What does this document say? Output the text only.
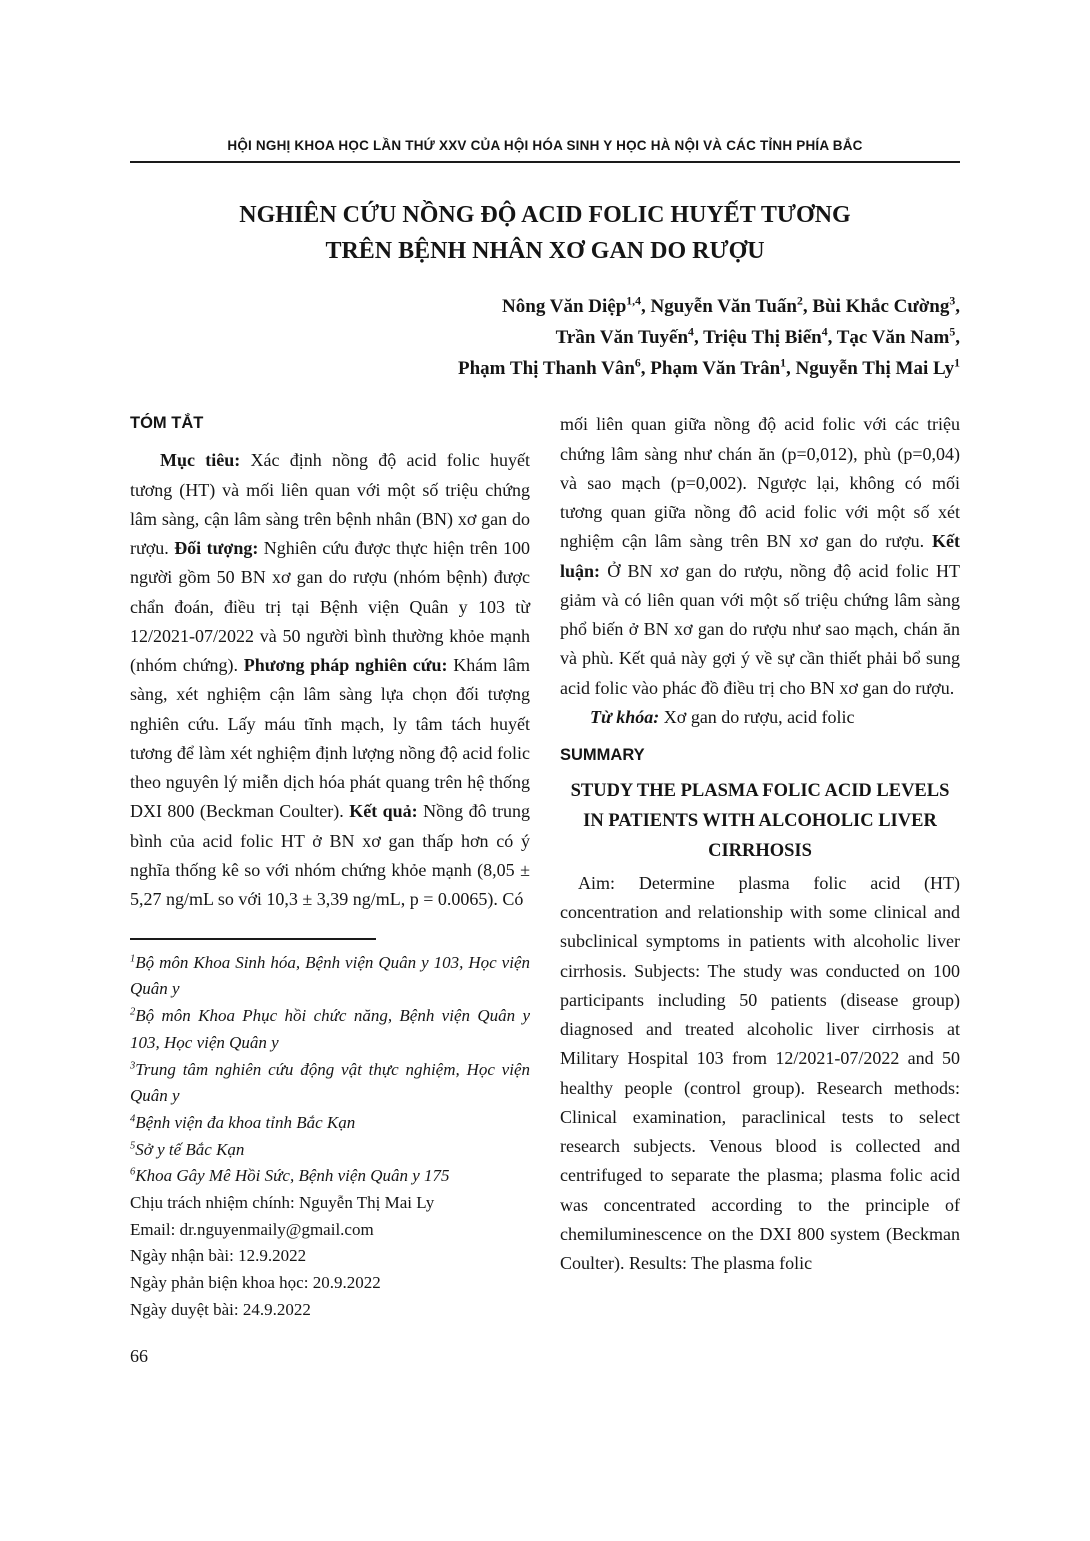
HỘI NGHỊ KHOA HỌC LẦN THỨ XXV CỦA HỘI HÓA SINH Y HỌC HÀ NỘI VÀ CÁC TỈNH PHÍA BẮC
NGHIÊN CỨU NỒNG ĐỘ ACID FOLIC HUYẾT TƯƠNG
TRÊN BỆNH NHÂN XƠ GAN DO RƯỢU
Nông Văn Diệp$^{1,4}$, Nguyễn Văn Tuấn$^2$, Bùi Khắc Cường$^3$,
Trần Văn Tuyến$^4$, Triệu Thị Biển$^4$, Tạc Văn Nam$^5$,
Phạm Thị Thanh Vân$^6$, Phạm Văn Trân$^1$, Nguyễn Thị Mai Ly$^1$
TÓM TẮT

Mục tiêu: Xác định nồng độ acid folic huyết tương (HT) và mối liên quan với một số triệu chứng lâm sàng, cận lâm sàng trên bệnh nhân (BN) xơ gan do rượu. Đối tượng: Nghiên cứu được thực hiện trên 100 người gồm 50 BN xơ gan do rượu (nhóm bệnh) được chẩn đoán, điều trị tại Bệnh viện Quân y 103 từ 12/2021-07/2022 và 50 người bình thường khỏe mạnh (nhóm chứng). Phương pháp nghiên cứu: Khám lâm sàng, xét nghiệm cận lâm sàng lựa chọn đối tượng nghiên cứu. Lấy máu tĩnh mạch, ly tâm tách huyết tương để làm xét nghiệm định lượng nồng độ acid folic theo nguyên lý miễn dịch hóa phát quang trên hệ thống DXI 800 (Beckman Coulter). Kết quả: Nồng đô trung bình của acid folic HT ở BN xơ gan thấp hơn có ý nghĩa thống kê so với nhóm chứng khỏe mạnh (8,05 ± 5,27 ng/mL so với 10,3 ± 3,39 ng/mL, p = 0.0065). Có

$^1$Bộ môn Khoa Sinh hóa, Bệnh viện Quân y 103, Học viện Quân y
$^2$Bộ môn Khoa Phục hồi chức năng, Bệnh viện Quân y 103, Học viện Quân y
$^3$Trung tâm nghiên cứu động vật thực nghiệm, Học viện Quân y
$^4$Bệnh viện đa khoa tỉnh Bắc Kạn
$^5$Sở y tế Bắc Kạn
$^6$Khoa Gây Mê Hồi Sức, Bệnh viện Quân y 175
Chịu trách nhiệm chính: Nguyễn Thị Mai Ly
Email: dr.nguyenmaily@gmail.com
Ngày nhận bài: 12.9.2022
Ngày phản biện khoa học: 20.9.2022
Ngày duyệt bài: 24.9.2022

mối liên quan giữa nồng độ acid folic với các triệu chứng lâm sàng như chán ăn (p=0,012), phù (p=0,04) và sao mạch (p=0,002). Ngược lại, không có mối tương quan giữa nồng đô acid folic với một số xét nghiệm cận lâm sàng trên BN xơ gan do rượu. Kết luận: Ở BN xơ gan do rượu, nồng độ acid folic HT giảm và có liên quan với một số triệu chứng lâm sàng phổ biến ở BN xơ gan do rượu như sao mạch, chán ăn và phù. Kết quả này gợi ý về sự cần thiết phải bổ sung acid folic vào phác đồ điều trị cho BN xơ gan do rượu.

Từ khóa: Xơ gan do rượu, acid folic

SUMMARY
STUDY THE PLASMA FOLIC ACID LEVELS IN PATIENTS WITH ALCOHOLIC LIVER CIRRHOSIS

Aim: Determine plasma folic acid (HT) concentration and relationship with some clinical and subclinical symptoms in patients with alcoholic liver cirrhosis. Subjects: The study was conducted on 100 participants including 50 patients (disease group) diagnosed and treated alcoholic liver cirrhosis at Military Hospital 103 from 12/2021-07/2022 and 50 healthy people (control group). Research methods: Clinical examination, paraclinical tests to select research subjects. Venous blood is collected and centrifuged to separate the plasma; plasma folic acid was concentrated according to the principle of chemiluminescence on the DXI 800 system (Beckman Coulter). Results: The plasma folic

66
